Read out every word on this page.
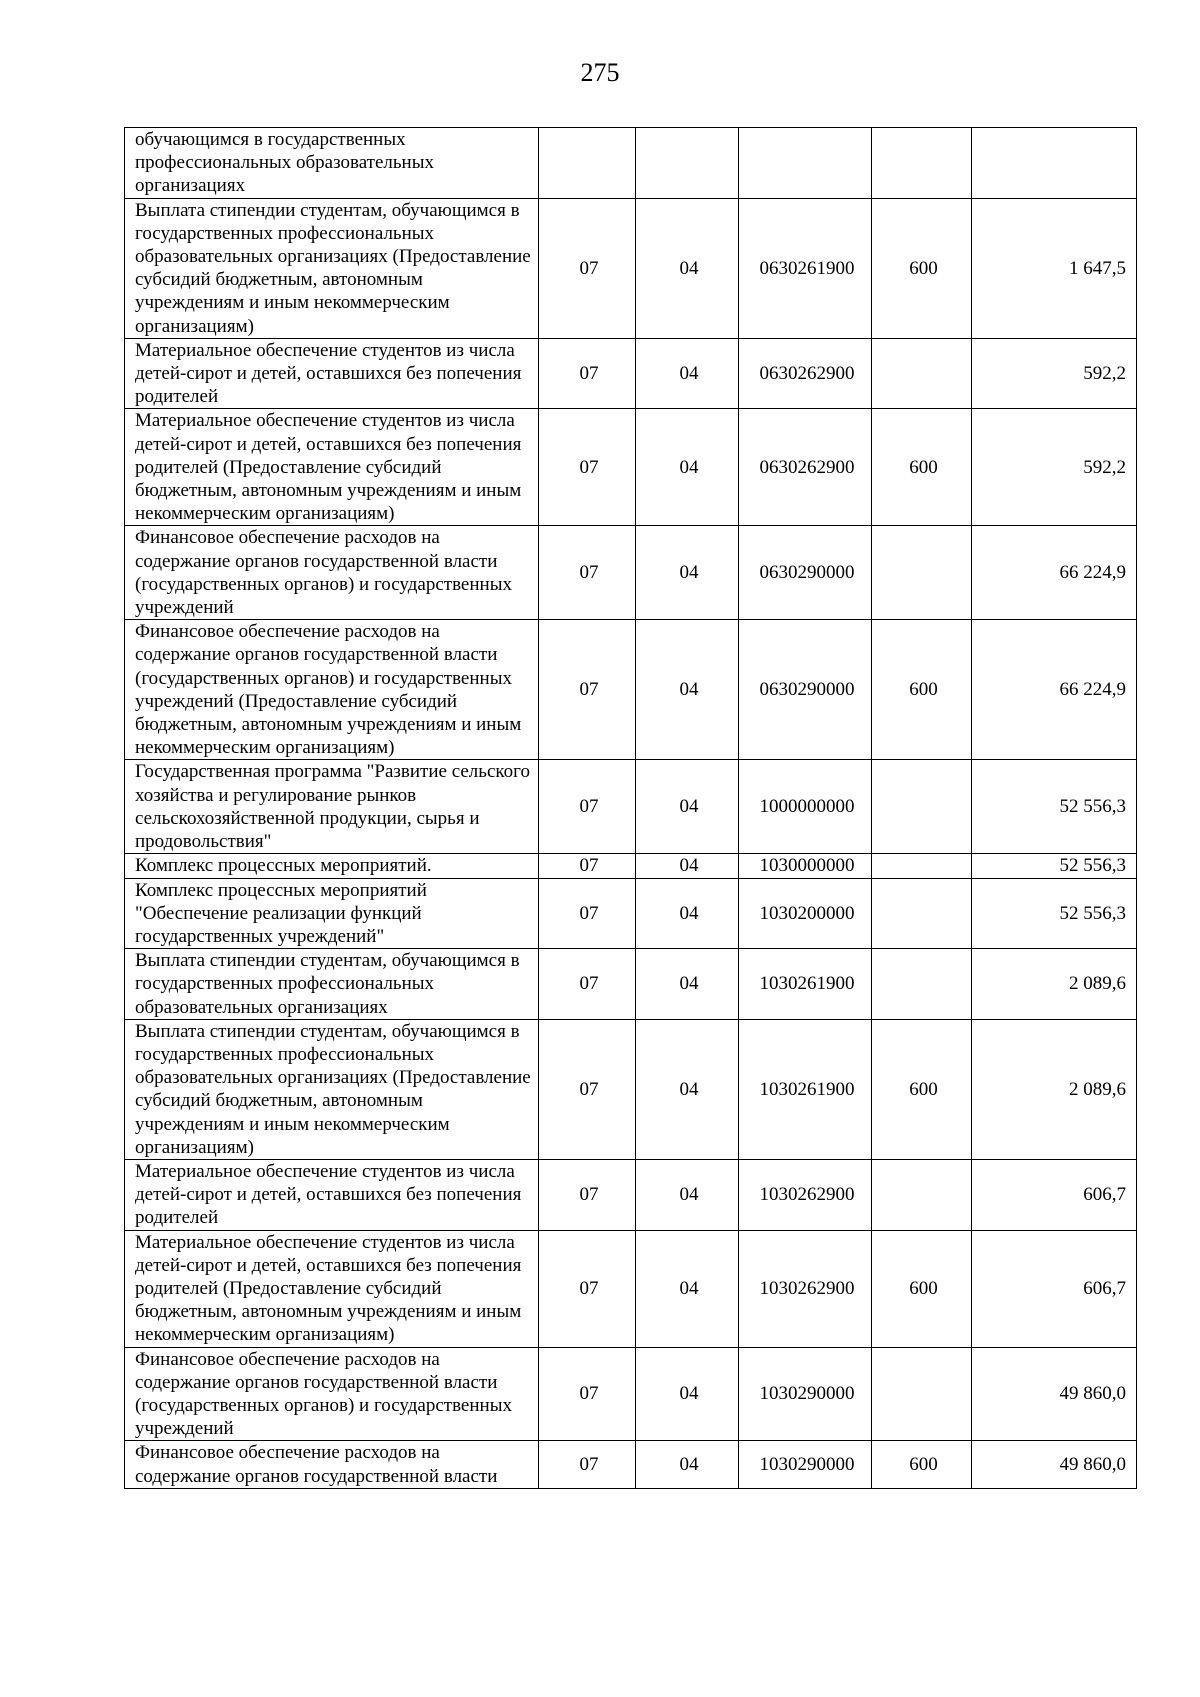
275
обучающимся в государственных профессиональных образовательных организациях					
Выплата стипендии студентам, обучающимся в государственных профессиональных образовательных организациях (Предоставление субсидий бюджетным, автономным учреждениям и иным некоммерческим организациям)	07	04	0630261900	600	1 647,5
Материальное обеспечение студентов из числа детей-сирот и детей, оставшихся без попечения родителей	07	04	0630262900		592,2
Материальное обеспечение студентов из числа детей-сирот и детей, оставшихся без попечения родителей (Предоставление субсидий бюджетным, автономным учреждениям и иным некоммерческим организациям)	07	04	0630262900	600	592,2
Финансовое обеспечение расходов на содержание органов государственной власти (государственных органов) и государственных учреждений	07	04	0630290000		66 224,9
Финансовое обеспечение расходов на содержание органов государственной власти (государственных органов) и государственных учреждений (Предоставление субсидий бюджетным, автономным учреждениям и иным некоммерческим организациям)	07	04	0630290000	600	66 224,9
Государственная программа "Развитие сельского хозяйства и регулирование рынков сельскохозяйственной продукции, сырья и продовольствия"	07	04	1000000000		52 556,3
Комплекс процессных мероприятий.	07	04	1030000000		52 556,3
Комплекс процессных мероприятий "Обеспечение реализации функций государственных учреждений"	07	04	1030200000		52 556,3
Выплата стипендии студентам, обучающимся в государственных профессиональных образовательных организациях	07	04	1030261900		2 089,6
Выплата стипендии студентам, обучающимся в государственных профессиональных образовательных организациях (Предоставление субсидий бюджетным, автономным учреждениям и иным некоммерческим организациям)	07	04	1030261900	600	2 089,6
Материальное обеспечение студентов из числа детей-сирот и детей, оставшихся без попечения родителей	07	04	1030262900		606,7
Материальное обеспечение студентов из числа детей-сирот и детей, оставшихся без попечения родителей (Предоставление субсидий бюджетным, автономным учреждениям и иным некоммерческим организациям)	07	04	1030262900	600	606,7
Финансовое обеспечение расходов на содержание органов государственной власти (государственных органов) и государственных учреждений	07	04	1030290000		49 860,0
Финансовое обеспечение расходов на содержание органов государственной власти	07	04	1030290000	600	49 860,0
